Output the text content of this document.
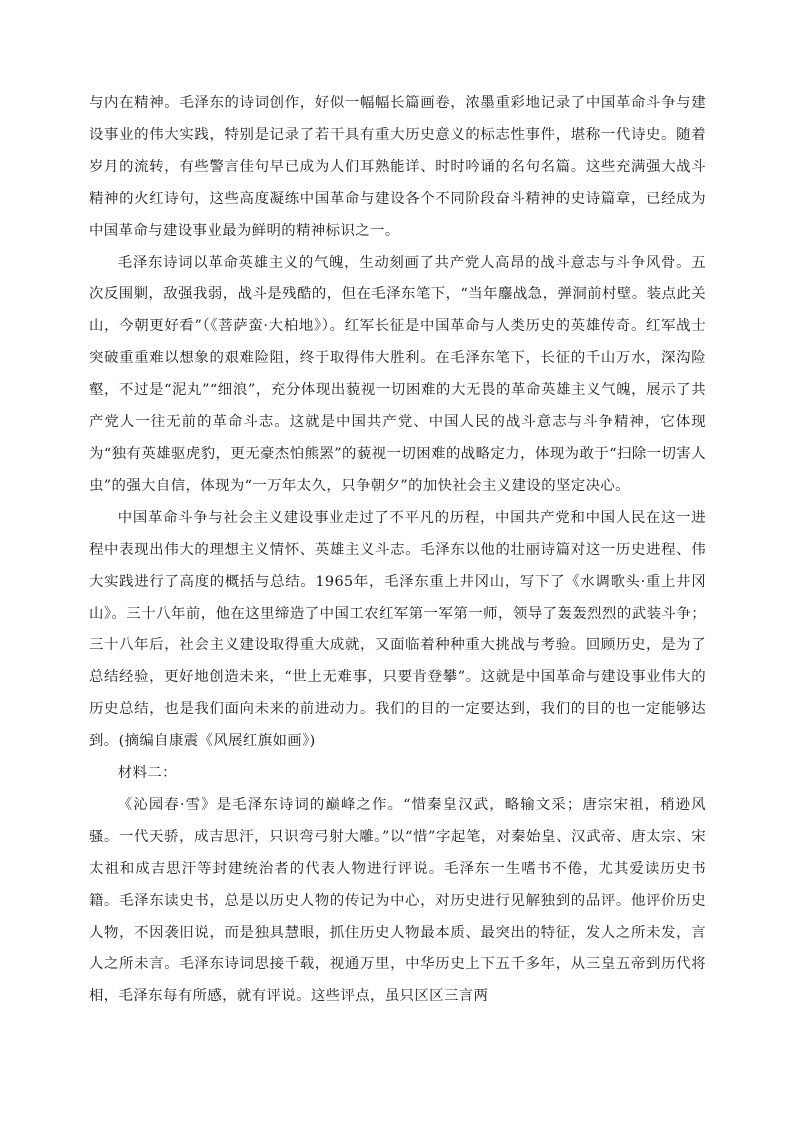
与内在精神。毛泽东的诗词创作，好似一幅幅长篇画卷，浓墨重彩地记录了中国革命斗争与建设事业的伟大实践，特别是记录了若干具有重大历史意义的标志性事件，堪称一代诗史。随着岁月的流转，有些警言佳句早已成为人们耳熟能详、时时吟诵的名句名篇。这些充满强大战斗精神的火红诗句，这些高度凝练中国革命与建设各个不同阶段奋斗精神的史诗篇章，已经成为中国革命与建设事业最为鲜明的精神标识之一。

毛泽东诗词以革命英雄主义的气魄，生动刻画了共产党人高昂的战斗意志与斗争风骨。五次反围剿，敌强我弱，战斗是残酷的，但在毛泽东笔下，“当年鏖战急，弹洞前村壁。装点此关山，今朝更好看”（《菩萨蛮·大柏地》）。红军长征是中国革命与人类历史的英雄传奇。红军战士突破重重难以想象的艰难险阻，终于取得伟大胜利。在毛泽东笔下，长征的千山万水，深沟险壑，不过是“泥丸”“细浪”，充分体现出藐视一切困难的大无畏的革命英雄主义气魄，展示了共产党人一往无前的革命斗志。这就是中国共产党、中国人民的战斗意志与斗争精神，它体现为“独有英雄驱虎豹，更无豪杰怕熊罴”的藐视一切困难的战略定力，体现为敢于“扫除一切害人虫”的强大自信，体现为“一万年太久，只争朝夕”的加快社会主义建设的坚定决心。

中国革命斗争与社会主义建设事业走过了不平凡的历程，中国共产党和中国人民在这一进程中表现出伟大的理想主义情怀、英雄主义斗志。毛泽东以他的壮丽诗篇对这一历史进程、伟大实践进行了高度的概括与总结。1965年，毛泽东重上井冈山，写下了《水调歌头·重上井冈山》。三十八年前，他在这里缔造了中国工农红军第一军第一师，领导了轰轰烈烈的武装斗争；三十八年后，社会主义建设取得重大成就，又面临着种种重大挑战与考验。回顾历史，是为了总结经验，更好地创造未来，“世上无难事，只要肯登攀”。这就是中国革命与建设事业伟大的历史总结，也是我们面向未来的前进动力。我们的目的一定要达到，我们的目的也一定能够达到。(摘编自康震《风展红旗如画》)

材料二：

《沁园春·雪》是毛泽东诗词的巅峰之作。“惜秦皇汉武，略输文采；唐宗宋祖，稍逊风骚。一代天骄，成吉思汗，只识弯弓射大雕。”以“惜”字起笔，对秦始皇、汉武帝、唐太宗、宋太祖和成吉思汗等封建统治者的代表人物进行评说。毛泽东一生嗜书不倦，尤其爱读历史书籍。毛泽东读史书，总是以历史人物的传记为中心，对历史进行见解独到的品评。他评价历史人物，不因袭旧说，而是独具慧眼，抓住历史人物最本质、最突出的特征，发人之所未发，言人之所未言。毛泽东诗词思接千载，视通万里，中华历史上下五千多年，从三皇五帝到历代将相，毛泽东每有所感，就有评说。这些评点，虽只区区三言两
